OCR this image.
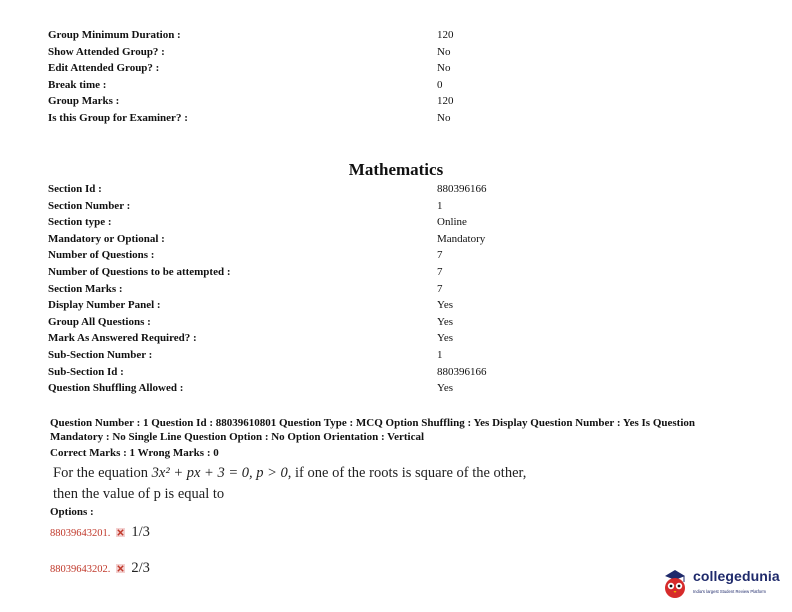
Group Minimum Duration :	120
Show Attended Group? :	No
Edit Attended Group? :	No
Break time :	0
Group Marks :	120
Is this Group for Examiner? :	No
Mathematics
Section Id :	880396166
Section Number :	1
Section type :	Online
Mandatory or Optional :	Mandatory
Number of Questions :	7
Number of Questions to be attempted :	7
Section Marks :	7
Display Number Panel :	Yes
Group All Questions :	Yes
Mark As Answered Required? :	Yes
Sub-Section Number :	1
Sub-Section Id :	880396166
Question Shuffling Allowed :	Yes
Question Number : 1 Question Id : 88039610801 Question Type : MCQ Option Shuffling : Yes Display Question Number : Yes Is Question Mandatory : No Single Line Question Option : No Option Orientation : Vertical
Correct Marks : 1 Wrong Marks : 0
For the equation 3x² + px + 3 = 0, p > 0, if one of the roots is square of the other,
then the value of p is equal to
Options :
88039643201. 1/3
88039643202. 2/3	collegedunia
India's largest Student Review Platform
